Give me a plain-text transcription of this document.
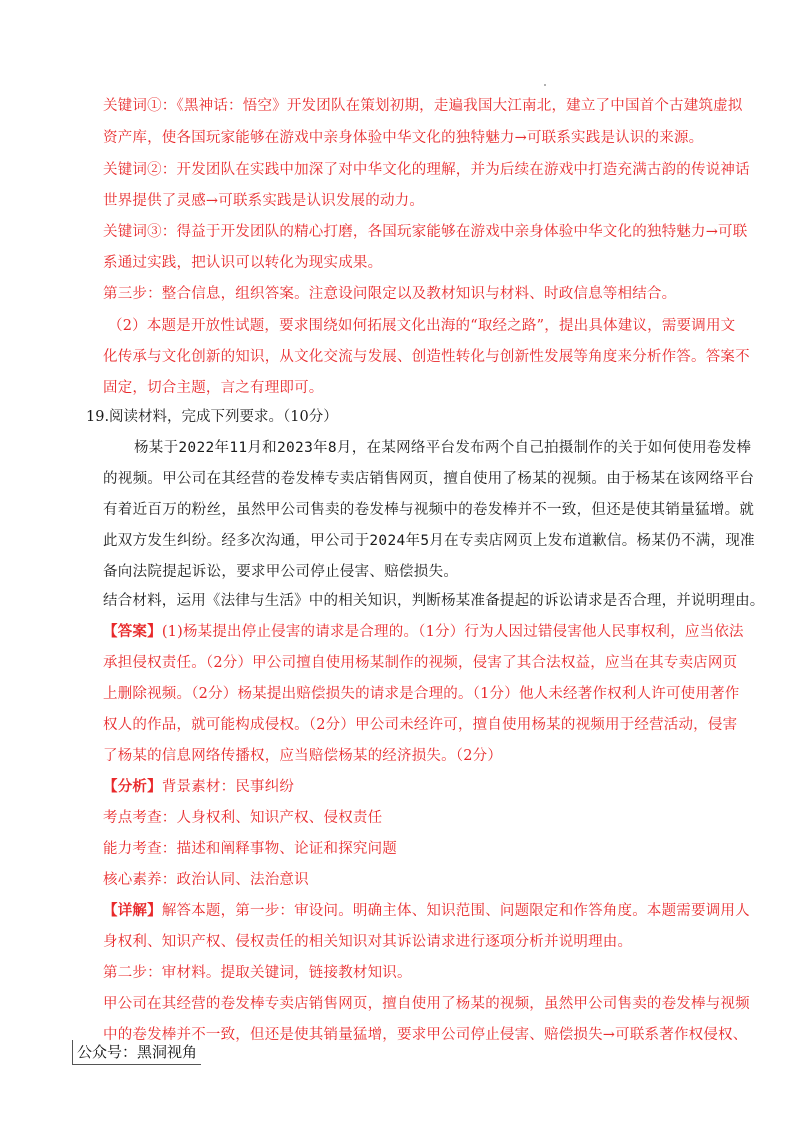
关键词①：《黑神话：悟空》开发团队在策划初期，走遍我国大江南北，建立了中国首个古建筑虚拟
资产库，使各国玩家能够在游戏中亲身体验中华文化的独特魅力→可联系实践是认识的来源。
关键词②：开发团队在实践中加深了对中华文化的理解，并为后续在游戏中打造充满古韵的传说神话
世界提供了灵感→可联系实践是认识发展的动力。
关键词③：得益于开发团队的精心打磨，各国玩家能够在游戏中亲身体验中华文化的独特魅力→可联
系通过实践，把认识可以转化为现实成果。
第三步：整合信息，组织答案。注意设问限定以及教材知识与材料、时政信息等相结合。
（2）本题是开放性试题，要求围绕如何拓展文化出海的“取经之路”，提出具体建议，需要调用文
化传承与文化创新的知识，从文化交流与发展、创造性转化与创新性发展等角度来分析作答。答案不
固定，切合主题，言之有理即可。
19. 阅读材料，完成下列要求。（10分）
杨某于2022年11月和2023年8月，在某网络平台发布两个自己拍摄制作的关于如何使用卷发棒
的视频。甲公司在其经营的卷发棒专卖店销售网页，擅自使用了杨某的视频。由于杨某在该网络平台
有着近百万的粉丝，虽然甲公司售卖的卷发棒与视频中的卷发棒并不一致，但还是使其销量猛增。就
此双方发生纠纷。经多次沟通，甲公司于2024年5月在专卖店网页上发布道歉信。杨某仍不满，现准
备向法院提起诉讼，要求甲公司停止侵害、赔偿损失。
结合材料，运用《法律与生活》中的相关知识，判断杨某准备提起的诉讼请求是否合理，并说明理由。
【答案】(1)杨某提出停止侵害的请求是合理的。（1分）行为人因过错侵害他人民事权利，应当依法
承担侵权责任。（2分）甲公司擅自使用杨某制作的视频，侵害了其合法权益，应当在其专卖店网页
上删除视频。（2分）杨某提出赔偿损失的请求是合理的。（1分）他人未经著作权利人许可使用著作
权人的作品，就可能构成侵权。（2分）甲公司未经许可，擅自使用杨某的视频用于经营活动，侵害
了杨某的信息网络传播权，应当赔偿杨某的经济损失。（2分）
【分析】背景素材：民事纠纷
考点考查：人身权利、知识产权、侵权责任
能力考查：描述和阐释事物、论证和探究问题
核心素养：政治认同、法治意识
【详解】解答本题，第一步：审设问。明确主体、知识范围、问题限定和作答角度。本题需要调用人
身权利、知识产权、侵权责任的相关知识对其诉讼请求进行逐项分析并说明理由。
第二步：审材料。提取关键词，链接教材知识。
甲公司在其经营的卷发棒专卖店销售网页，擅自使用了杨某的视频，虽然甲公司售卖的卷发棒与视频
中的卷发棒并不一致，但还是使其销量猛增，要求甲公司停止侵害、赔偿损失→可联系著作权侵权、
公众号：黑洞视角
